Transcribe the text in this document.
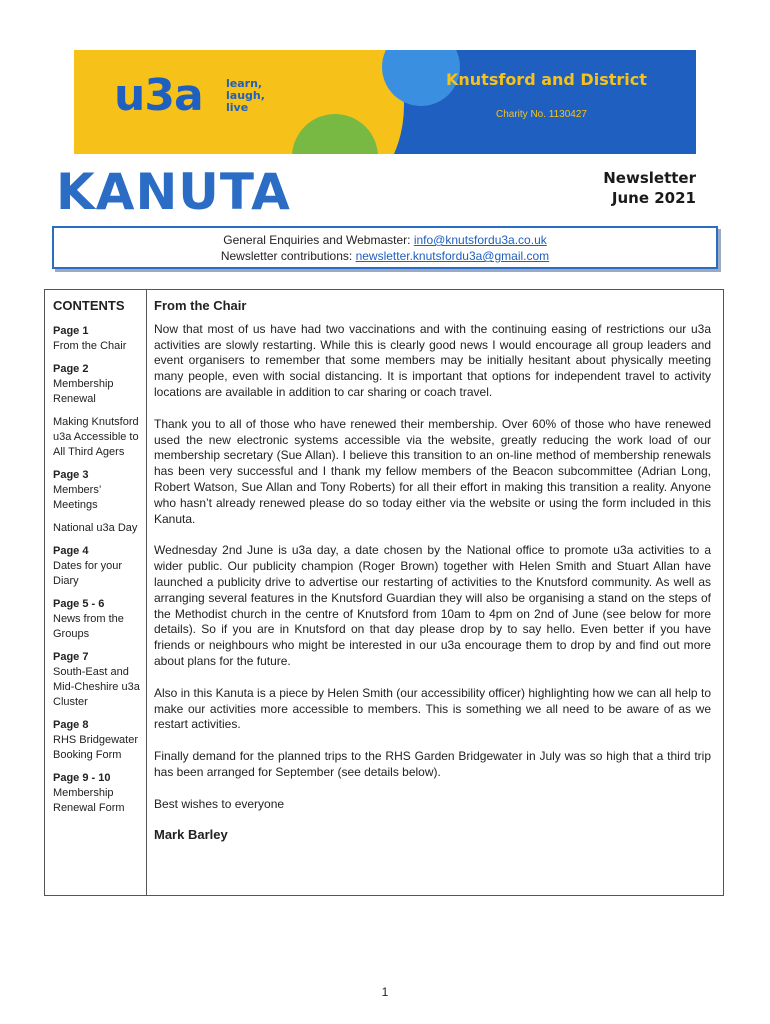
u3a learn,
laugh,
live
Knutsford and District
Charity No. 1130427
KANUTA	Newsletter
June 2021
General Enquiries and Webmaster: info@knutsfordu3a.co.uk
Newsletter contributions: newsletter.knutsfordu3a@gmail.com
CONTENTS
Page 1
From the Chair
Page 2
Membership Renewal
Making Knutsford u3a Accessible to All Third Agers
Page 3
Members’ Meetings
National u3a Day
Page 4
Dates for your Diary
Page 5 - 6
News from the Groups
Page 7
South-East and Mid-Cheshire u3a Cluster
Page 8
RHS Bridgewater Booking Form
Page 9 - 10
Membership Renewal Form
From the Chair

Now that most of us have had two vaccinations and with the continuing easing of restrictions our u3a activities are slowly restarting. While this is clearly good news I would encourage all group leaders and event organisers to remember that some members may be initially hesitant about physically meeting many people, even with social distancing. It is important that options for independent travel to activity locations are available in addition to car sharing or coach travel.

Thank you to all of those who have renewed their membership. Over 60% of those who have renewed used the new electronic systems accessible via the website, greatly reducing the work load of our membership secretary (Sue Allan). I believe this transition to an on-line method of membership renewals has been very successful and I thank my fellow members of the Beacon subcommittee (Adrian Long, Robert Watson, Sue Allan and Tony Roberts) for all their effort in making this transition a reality. Anyone who hasn’t already renewed please do so today either via the website or using the form included in this Kanuta.

Wednesday 2nd June is u3a day, a date chosen by the National office to promote u3a activities to a wider public. Our publicity champion (Roger Brown) together with Helen Smith and Stuart Allan have launched a publicity drive to advertise our restarting of activities to the Knutsford community. As well as arranging several features in the Knutsford Guardian they will also be organising a stand on the steps of the Methodist church in the centre of Knutsford from 10am to 4pm on 2nd of June (see below for more details). So if you are in Knutsford on that day please drop by to say hello. Even better if you have friends or neighbours who might be interested in our u3a encourage them to drop by and find out more about plans for the future.

Also in this Kanuta is a piece by Helen Smith (our accessibility officer) highlighting how we can all help to make our activities more accessible to members. This is something we all need to be aware of as we restart activities.

Finally demand for the planned trips to the RHS Garden Bridgewater in July was so high that a third trip has been arranged for September (see details below).

Best wishes to everyone

Mark Barley
1
